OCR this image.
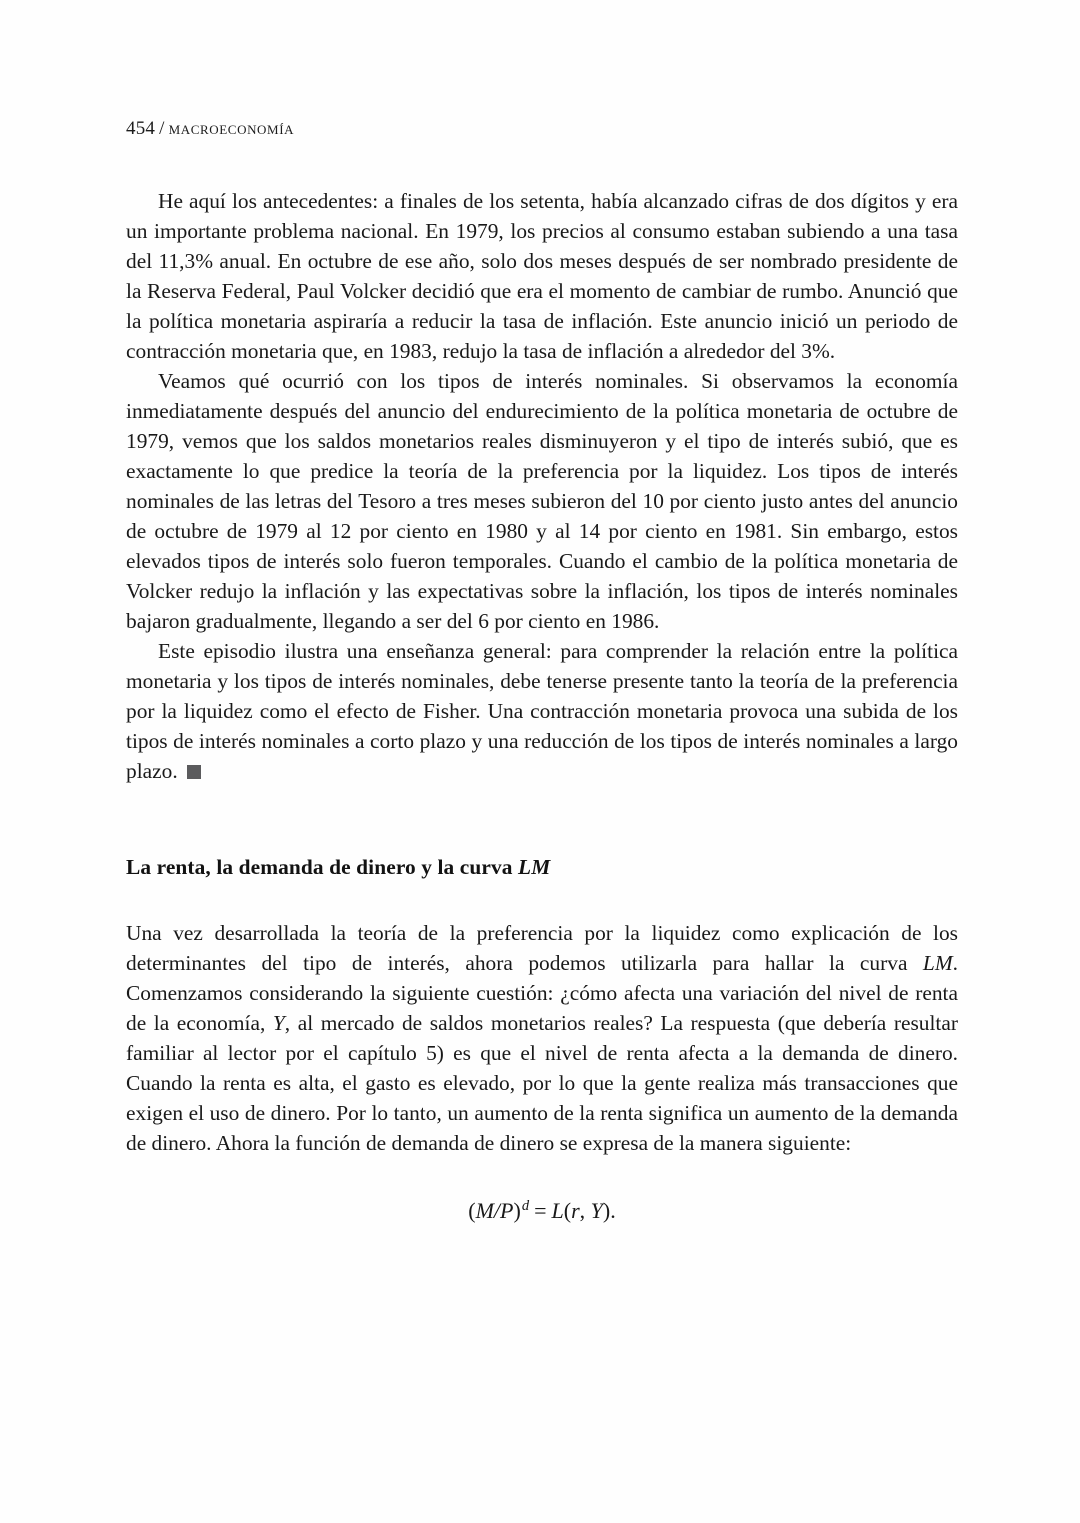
454 / macroeconomía

He aquí los antecedentes: a finales de los setenta, había alcanzado cifras de dos dígitos y era un importante problema nacional. En 1979, los precios al consumo estaban subiendo a una tasa del 11,3% anual. En octubre de ese año, solo dos meses después de ser nombrado presidente de la Reserva Federal, Paul Volcker decidió que era el momento de cambiar de rumbo. Anunció que la política monetaria aspiraría a reducir la tasa de inflación. Este anuncio inició un periodo de contracción monetaria que, en 1983, redujo la tasa de inflación a alrededor del 3%.

Veamos qué ocurrió con los tipos de interés nominales. Si observamos la economía inmediatamente después del anuncio del endurecimiento de la política monetaria de octubre de 1979, vemos que los saldos monetarios reales disminuyeron y el tipo de interés subió, que es exactamente lo que predice la teoría de la preferencia por la liquidez. Los tipos de interés nominales de las letras del Tesoro a tres meses subieron del 10 por ciento justo antes del anuncio de octubre de 1979 al 12 por ciento en 1980 y al 14 por ciento en 1981. Sin embargo, estos elevados tipos de interés solo fueron temporales. Cuando el cambio de la política monetaria de Volcker redujo la inflación y las expectativas sobre la inflación, los tipos de interés nominales bajaron gradualmente, llegando a ser del 6 por ciento en 1986.

Este episodio ilustra una enseñanza general: para comprender la relación entre la política monetaria y los tipos de interés nominales, debe tenerse presente tanto la teoría de la preferencia por la liquidez como el efecto de Fisher. Una contracción monetaria provoca una subida de los tipos de interés nominales a corto plazo y una reducción de los tipos de interés nominales a largo plazo.

La renta, la demanda de dinero y la curva LM

Una vez desarrollada la teoría de la preferencia por la liquidez como explicación de los determinantes del tipo de interés, ahora podemos utilizarla para hallar la curva LM. Comenzamos considerando la siguiente cuestión: ¿cómo afecta una variación del nivel de renta de la economía, Y, al mercado de saldos monetarios reales? La respuesta (que debería resultar familiar al lector por el capítulo 5) es que el nivel de renta afecta a la demanda de dinero. Cuando la renta es alta, el gasto es elevado, por lo que la gente realiza más transacciones que exigen el uso de dinero. Por lo tanto, un aumento de la renta significa un aumento de la demanda de dinero. Ahora la función de demanda de dinero se expresa de la manera siguiente:

$(M/P)^d = L(r$, Y).
